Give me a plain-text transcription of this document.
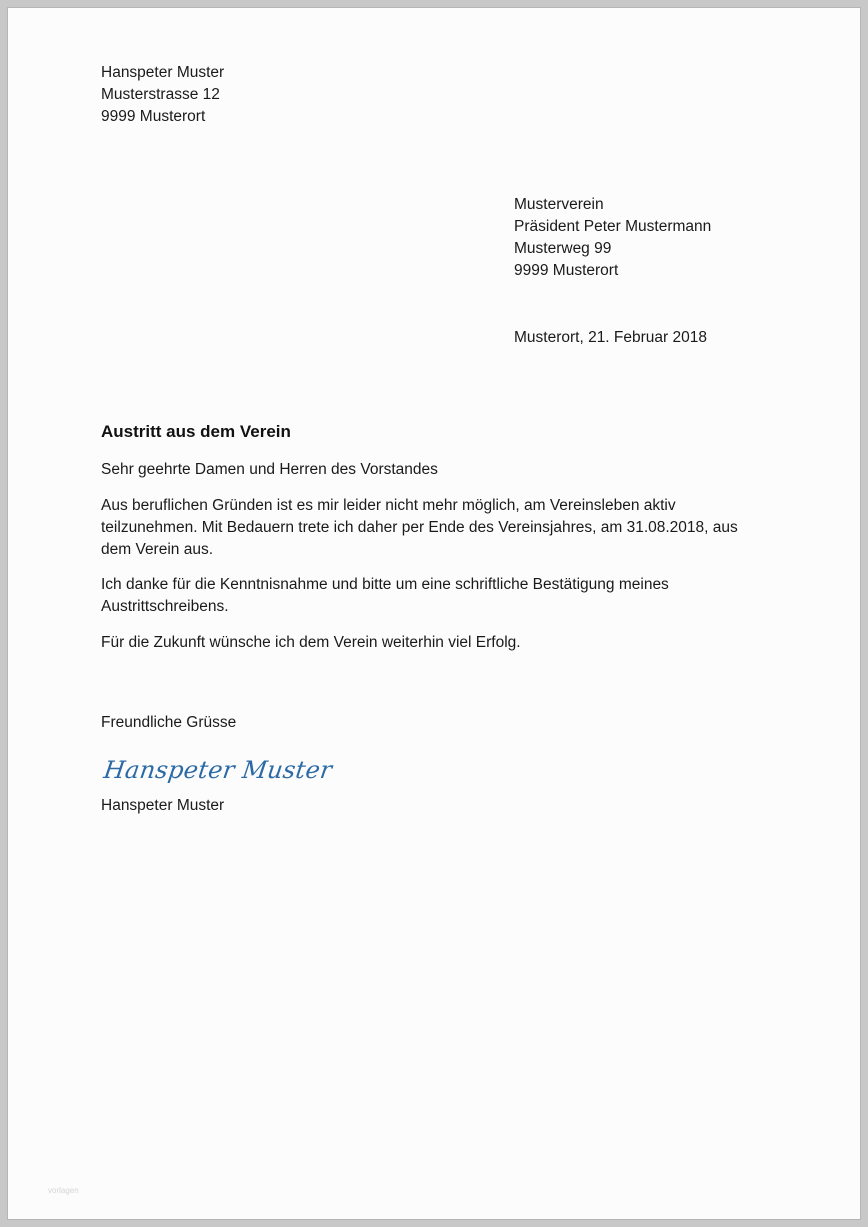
Hanspeter Muster
Musterstrasse 12
9999 Musterort
Musterverein
Präsident Peter Mustermann
Musterweg 99
9999 Musterort

Musterort, 21. Februar 2018

Austritt aus dem Verein

Sehr geehrte Damen und Herren des Vorstandes

Aus beruflichen Gründen ist es mir leider nicht mehr möglich, am Vereinsleben aktiv
teilzunehmen. Mit Bedauern trete ich daher per Ende des Vereinsjahres, am 31.08.2018, aus
dem Verein aus.
Ich danke für die Kenntnisnahme und bitte um eine schriftliche Bestätigung meines
Austrittschreibens.

Für die Zukunft wünsche ich dem Verein weiterhin viel Erfolg.

Freundliche Grüsse

Hanspeter Muster

Hanspeter Muster

vorlagen
